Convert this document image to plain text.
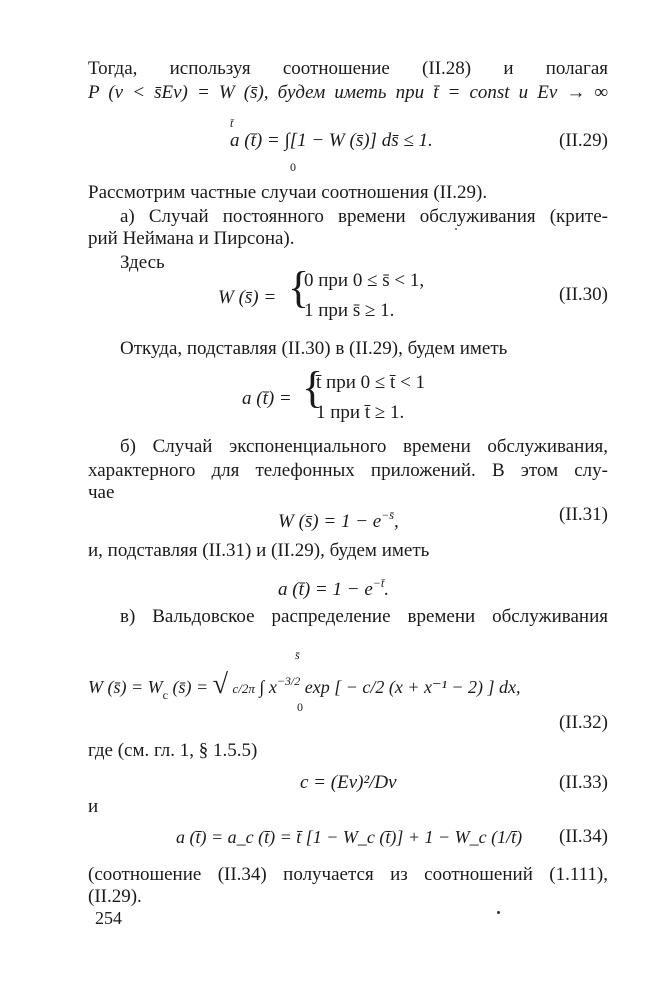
Тогда, используя соотношение (II.28) и полагая
P (ν < s̄Eν) = W (s̄), будем иметь при t̄ = const и Eν → ∞
t̄
a (t̄) = ∫[1 − W (s̄)] ds̄ ≤ 1.
0
(II.29)
Рассмотрим частные случаи соотношения (II.29).
а) Случай постоянного времени обслуживания (крите-
рий Неймана и Пирсона).
Здесь
W (s̄) = {
0 при 0 ≤ s̄ < 1,
1 при s̄ ≥ 1.
(II.30)
Откуда, подставляя (II.30) в (II.29), будем иметь
a (t̄) = {
t̄ при 0 ≤ t̄ < 1
1 при t̄ ≥ 1.
б) Случай экспоненциального времени обслуживания,
характерного для телефонных приложений. В этом слу-
чае
W (s̄) = $1 - e^{-s̄}$,	(II.31)
и, подставляя (II.31) и (II.29), будем иметь
a (t̄) = $1 - e^{-t̄}$.
в) Вальдовское распределение времени обслуживания
s̄
W (s̄) = $W_c$ (s̄) = √ c/2π ∫ $x^{-3/2}$ exp [ − c/2 (x + x⁻¹ − 2) ] dx,
0
(II.32)
где (см. гл. 1, § 1.5.5)
c = (Eν)²/Dν	(II.33)
и
a (t̄) = a_c (t̄) = t̄ [1 − W_c (t̄)] + 1 − W_c (1/t̄)	(II.34)
(соотношение (II.34) получается из соотношений (1.111),
(II.29).
254
